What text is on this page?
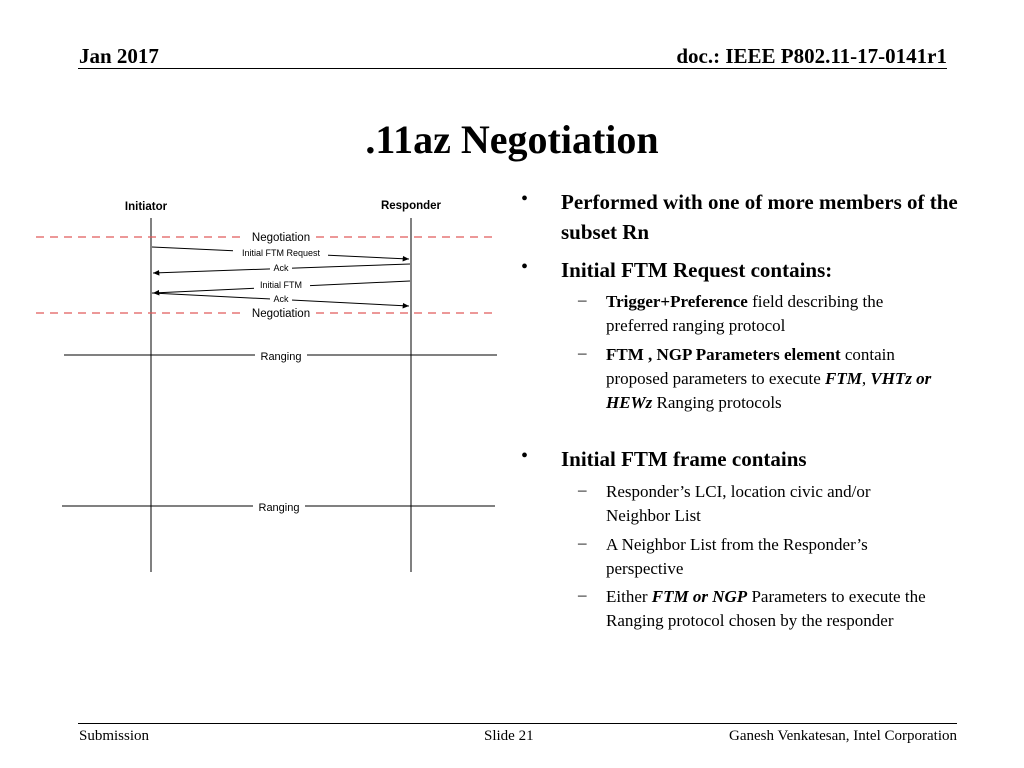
Jan 2017	doc.: IEEE P802.11-17-0141r1
.11az Negotiation
Initiator	Responder
Negotiation
Initial FTM Request
Ack
Initial FTM
Ack
Negotiation
Ranging
Ranging
• Performed with one of more members of the subset Rn
• Initial FTM Request contains:
– Trigger+Preference field describing the preferred ranging protocol
– FTM , NGP Parameters element contain proposed parameters to execute FTM, VHTz or HEWz Ranging protocols
• Initial FTM frame contains
– Responder’s LCI, location civic and/or Neighbor List
– A Neighbor List from the Responder’s perspective
– Either FTM or NGP Parameters to execute the Ranging protocol chosen by the responder
Submission	Slide 21	Ganesh Venkatesan, Intel Corporation
